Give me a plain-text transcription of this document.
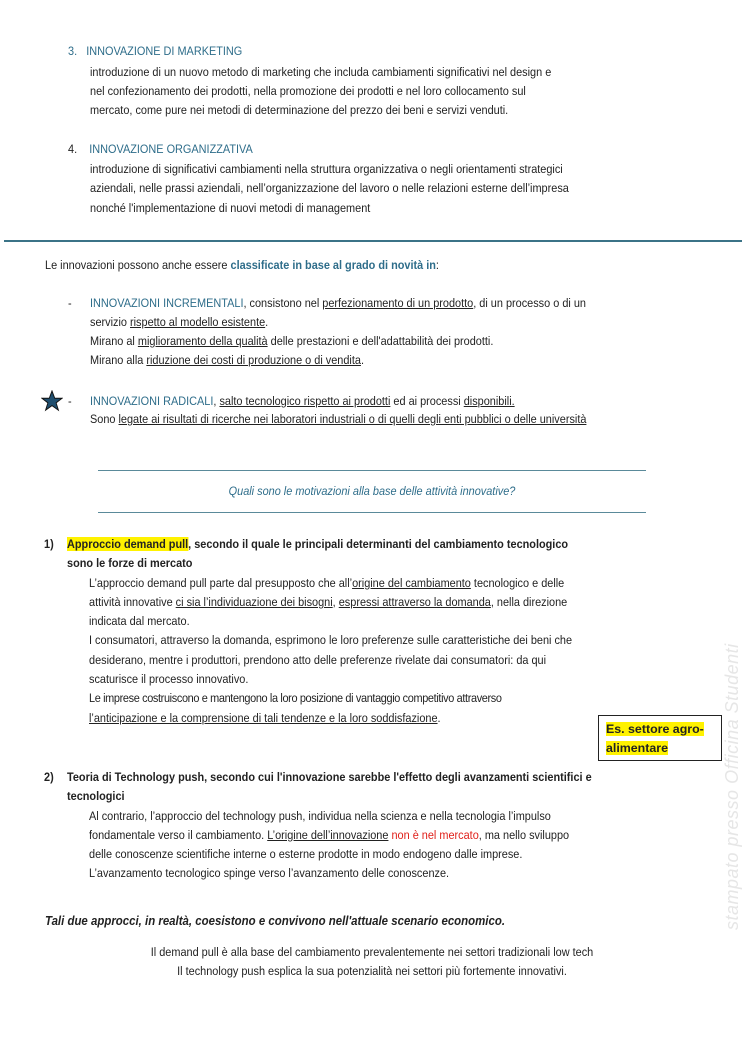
stampato presso Officina Studenti
3. INNOVAZIONE DI MARKETING
introduzione di un nuovo metodo di marketing che includa cambiamenti significativi nel design e
nel confezionamento dei prodotti, nella promozione dei prodotti e nel loro collocamento sul
mercato, come pure nei metodi di determinazione del prezzo dei beni e servizi venduti.
4. INNOVAZIONE ORGANIZZATIVA
introduzione di significativi cambiamenti nella struttura organizzativa o negli orientamenti strategici
aziendali, nelle prassi aziendali, nell’organizzazione del lavoro o nelle relazioni esterne dell’impresa
nonché l'implementazione di nuovi metodi di management
Le innovazioni possono anche essere classificate in base al grado di novità in:
- INNOVAZIONI INCREMENTALI, consistono nel perfezionamento di un prodotto, di un processo o di un
servizio rispetto al modello esistente.
Mirano al miglioramento della qualità delle prestazioni e dell'adattabilità dei prodotti.
Mirano alla riduzione dei costi di produzione o di vendita.
- INNOVAZIONI RADICALI, salto tecnologico rispetto ai prodotti ed ai processi disponibili.
Sono legate ai risultati di ricerche nei laboratori industriali o di quelli degli enti pubblici o delle università
Quali sono le motivazioni alla base delle attività innovative?
1) Approccio demand pull, secondo il quale le principali determinanti del cambiamento tecnologico
sono le forze di mercato
L’approccio demand pull parte dal presupposto che all’origine del cambiamento tecnologico e delle
attività innovative ci sia l’individuazione dei bisogni, espressi attraverso la domanda, nella direzione
indicata dal mercato.
I consumatori, attraverso la domanda, esprimono le loro preferenze sulle caratteristiche dei beni che
desiderano, mentre i produttori, prendono atto delle preferenze rivelate dai consumatori: da qui
scaturisce il processo innovativo.
Le imprese costruiscono e mantengono la loro posizione di vantaggio competitivo attraverso
l’anticipazione e la comprensione di tali tendenze e la loro soddisfazione.
Es. settore agro-
alimentare
2) Teoria di Technology push, secondo cui l'innovazione sarebbe l'effetto degli avanzamenti scientifici e
tecnologici
Al contrario, l’approccio del technology push, individua nella scienza e nella tecnologia l’impulso
fondamentale verso il cambiamento. L’origine dell’innovazione non è nel mercato, ma nello sviluppo
delle conoscenze scientifiche interne o esterne prodotte in modo endogeno dalle imprese.
L’avanzamento tecnologico spinge verso l’avanzamento delle conoscenze.
Tali due approcci, in realtà, coesistono e convivono nell'attuale scenario economico.
Il demand pull è alla base del cambiamento prevalentemente nei settori tradizionali low tech
Il technology push esplica la sua potenzialità nei settori più fortemente innovativi.
